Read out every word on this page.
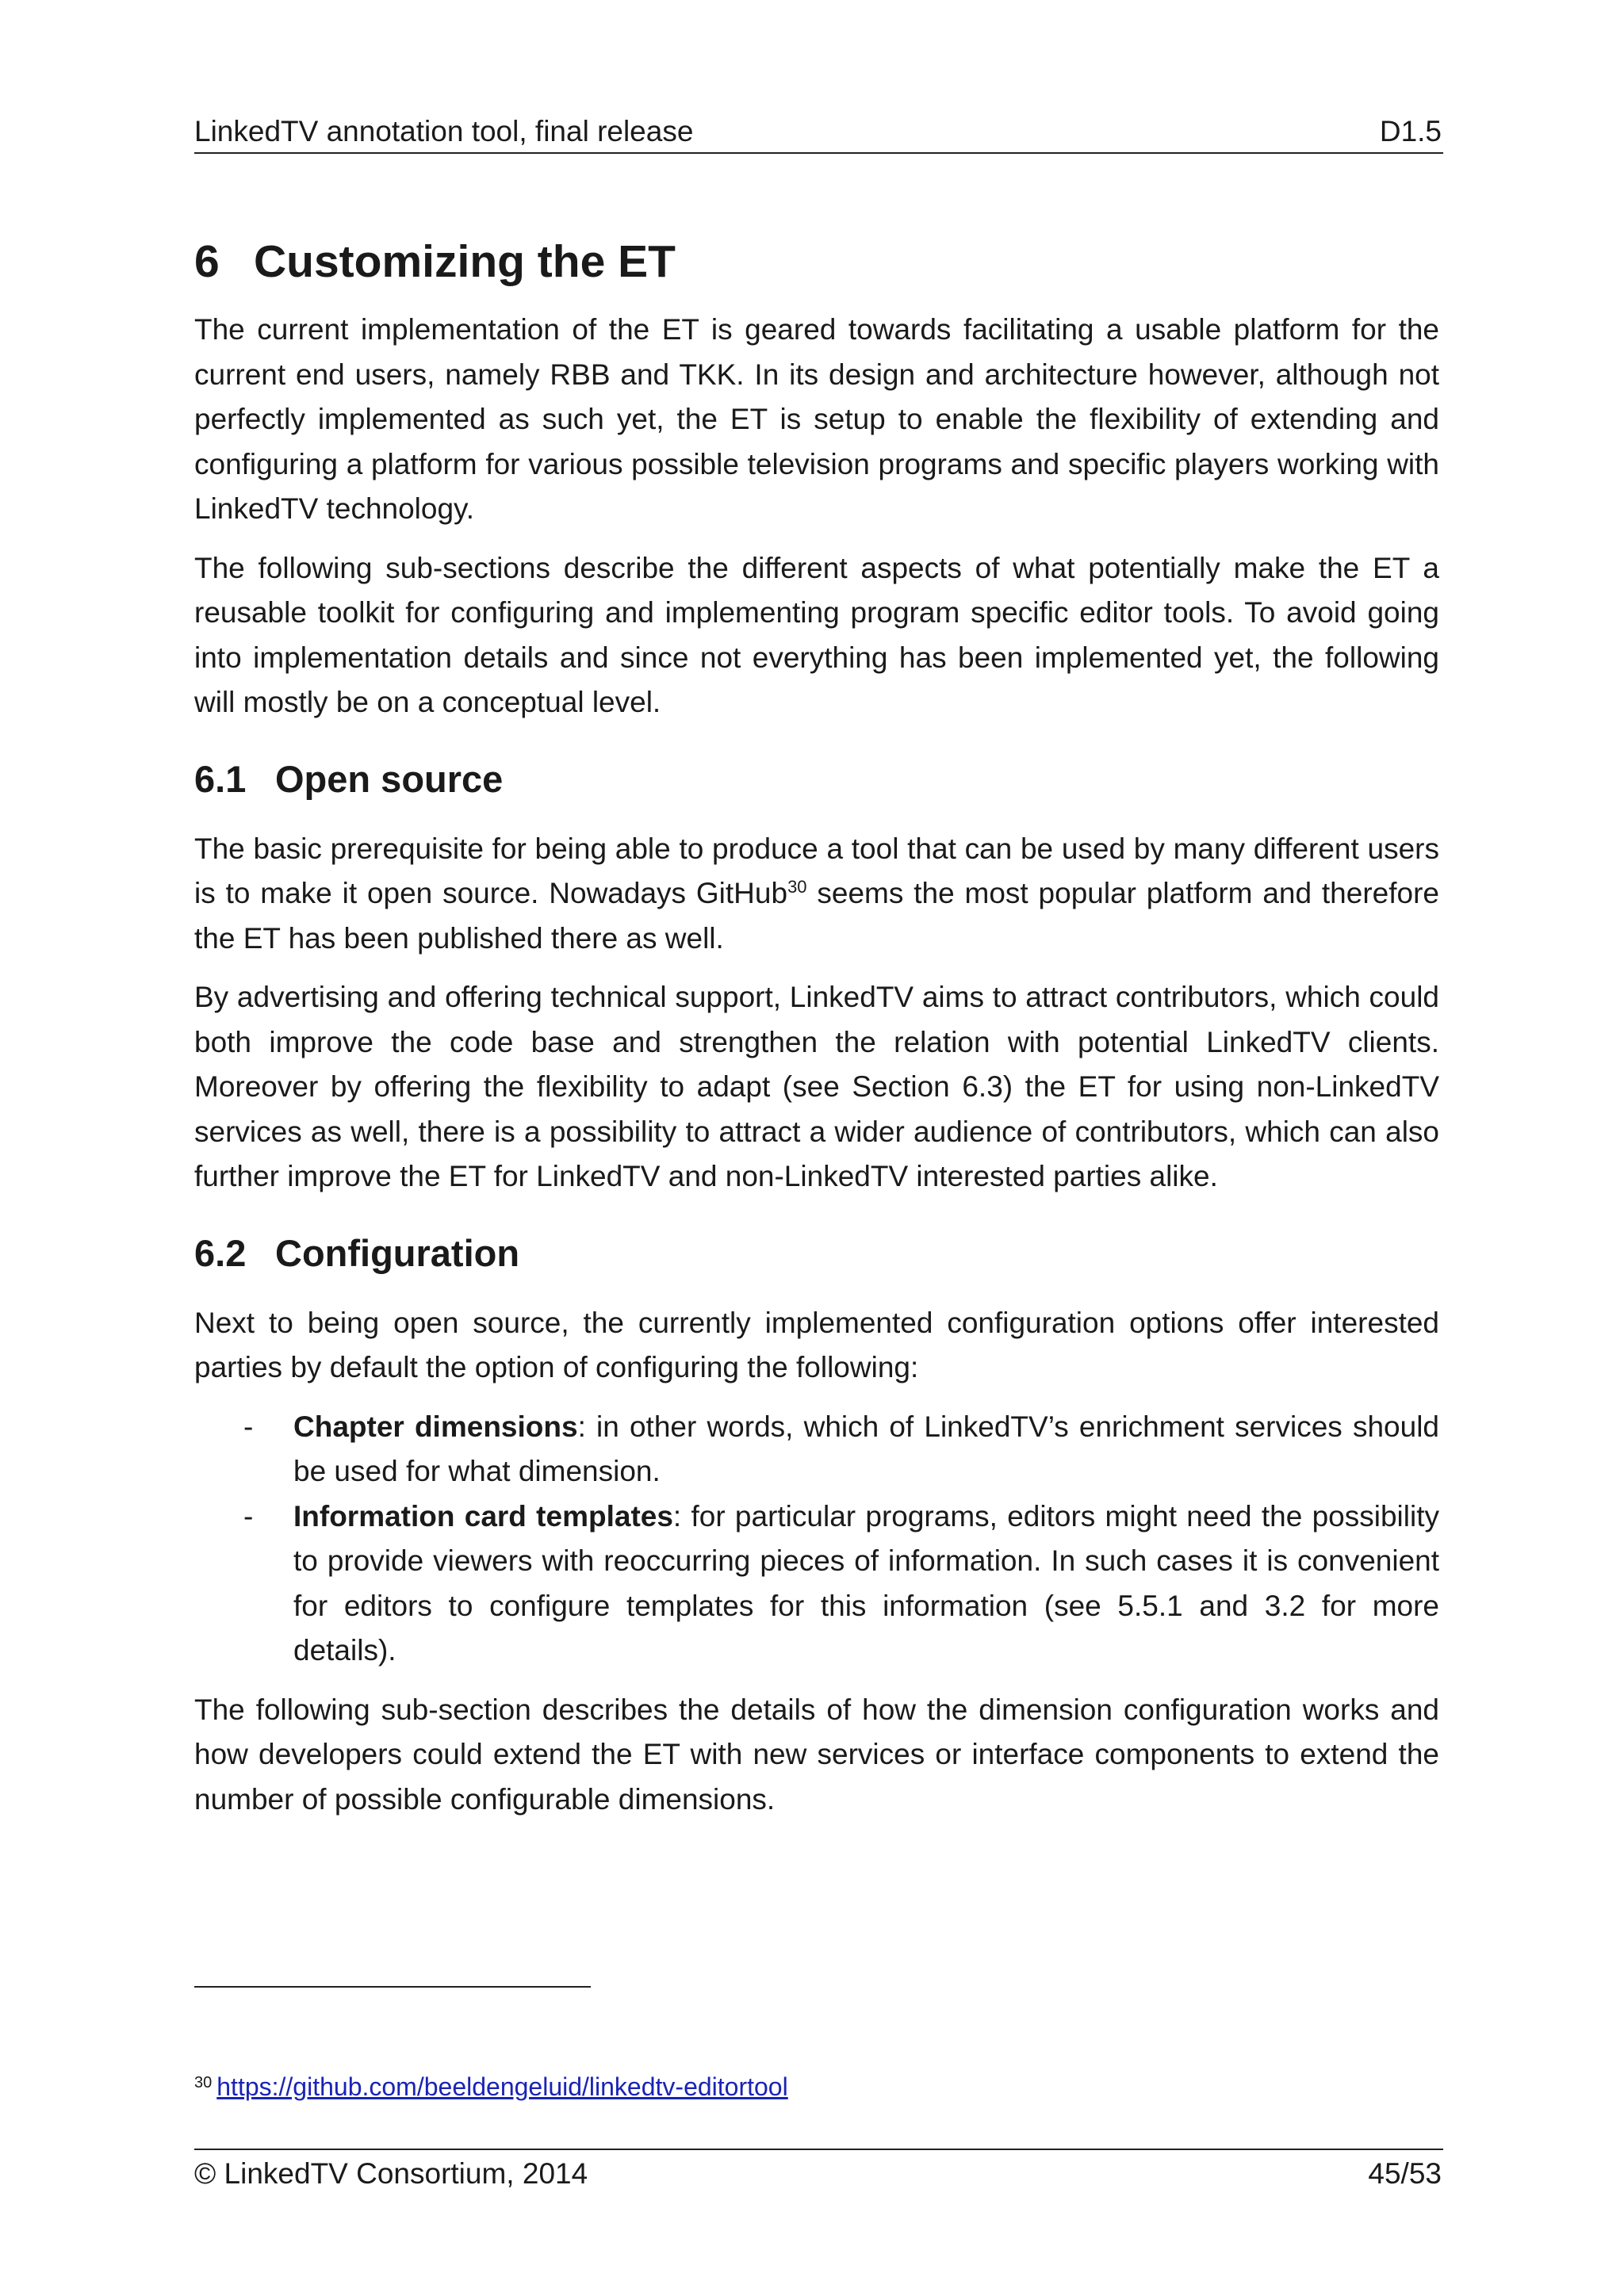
LinkedTV annotation tool, final release	D1.5
6 Customizing the ET

The current implementation of the ET is geared towards facilitating a usable platform for the current end users, namely RBB and TKK. In its design and architecture however, although not perfectly implemented as such yet, the ET is setup to enable the flexibility of extending and configuring a platform for various possible television programs and specific players working with LinkedTV technology.

The following sub-sections describe the different aspects of what potentially make the ET a reusable toolkit for configuring and implementing program specific editor tools. To avoid going into implementation details and since not everything has been implemented yet, the following will mostly be on a conceptual level.

6.1 Open source

The basic prerequisite for being able to produce a tool that can be used by many different users is to make it open source. Nowadays GitHub$^{30}$ seems the most popular platform and therefore the ET has been published there as well.

By advertising and offering technical support, LinkedTV aims to attract contributors, which could both improve the code base and strengthen the relation with potential LinkedTV clients. Moreover by offering the flexibility to adapt (see Section 6.3) the ET for using non-LinkedTV services as well, there is a possibility to attract a wider audience of contributors, which can also further improve the ET for LinkedTV and non-LinkedTV interested parties alike.

6.2 Configuration

Next to being open source, the currently implemented configuration options offer interested parties by default the option of configuring the following:

- Chapter dimensions: in other words, which of LinkedTV’s enrichment services should be used for what dimension.
- Information card templates: for particular programs, editors might need the possibility to provide viewers with reoccurring pieces of information. In such cases it is convenient for editors to configure templates for this information (see 5.5.1 and 3.2 for more details).

The following sub-section describes the details of how the dimension configuration works and how developers could extend the ET with new services or interface components to extend the number of possible configurable dimensions.

$^{30}$ https://github.com/beeldengeluid/linkedtv-editortool
© LinkedTV Consortium, 2014	45/53
